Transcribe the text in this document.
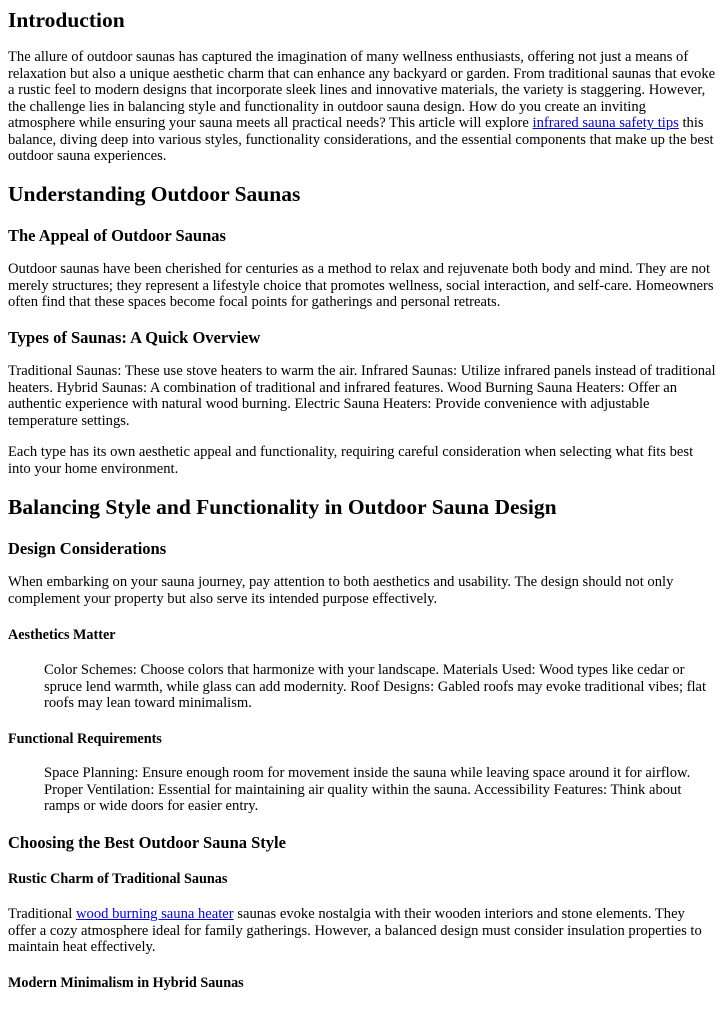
Introduction

The allure of outdoor saunas has captured the imagination of many wellness enthusiasts, offering not just a means of relaxation but also a unique aesthetic charm that can enhance any backyard or garden. From traditional saunas that evoke a rustic feel to modern designs that incorporate sleek lines and innovative materials, the variety is staggering. However, the challenge lies in balancing style and functionality in outdoor sauna design. How do you create an inviting atmosphere while ensuring your sauna meets all practical needs? This article will explore infrared sauna safety tips this balance, diving deep into various styles, functionality considerations, and the essential components that make up the best outdoor sauna experiences.

Understanding Outdoor Saunas
The Appeal of Outdoor Saunas

Outdoor saunas have been cherished for centuries as a method to relax and rejuvenate both body and mind. They are not merely structures; they represent a lifestyle choice that promotes wellness, social interaction, and self-care. Homeowners often find that these spaces become focal points for gatherings and personal retreats.

Types of Saunas: A Quick Overview

Traditional Saunas: These use stove heaters to warm the air. Infrared Saunas: Utilize infrared panels instead of traditional heaters. Hybrid Saunas: A combination of traditional and infrared features. Wood Burning Sauna Heaters: Offer an authentic experience with natural wood burning. Electric Sauna Heaters: Provide convenience with adjustable temperature settings.

Each type has its own aesthetic appeal and functionality, requiring careful consideration when selecting what fits best into your home environment.

Balancing Style and Functionality in Outdoor Sauna Design
Design Considerations

When embarking on your sauna journey, pay attention to both aesthetics and usability. The design should not only complement your property but also serve its intended purpose effectively.

Aesthetics Matter

Color Schemes: Choose colors that harmonize with your landscape. Materials Used: Wood types like cedar or spruce lend warmth, while glass can add modernity. Roof Designs: Gabled roofs may evoke traditional vibes; flat roofs may lean toward minimalism.

Functional Requirements

Space Planning: Ensure enough room for movement inside the sauna while leaving space around it for airflow. Proper Ventilation: Essential for maintaining air quality within the sauna. Accessibility Features: Think about ramps or wide doors for easier entry.

Choosing the Best Outdoor Sauna Style
Rustic Charm of Traditional Saunas

Traditional wood burning sauna heater saunas evoke nostalgia with their wooden interiors and stone elements. They offer a cozy atmosphere ideal for family gatherings. However, a balanced design must consider insulation properties to maintain heat effectively.

Modern Minimalism in Hybrid Saunas
